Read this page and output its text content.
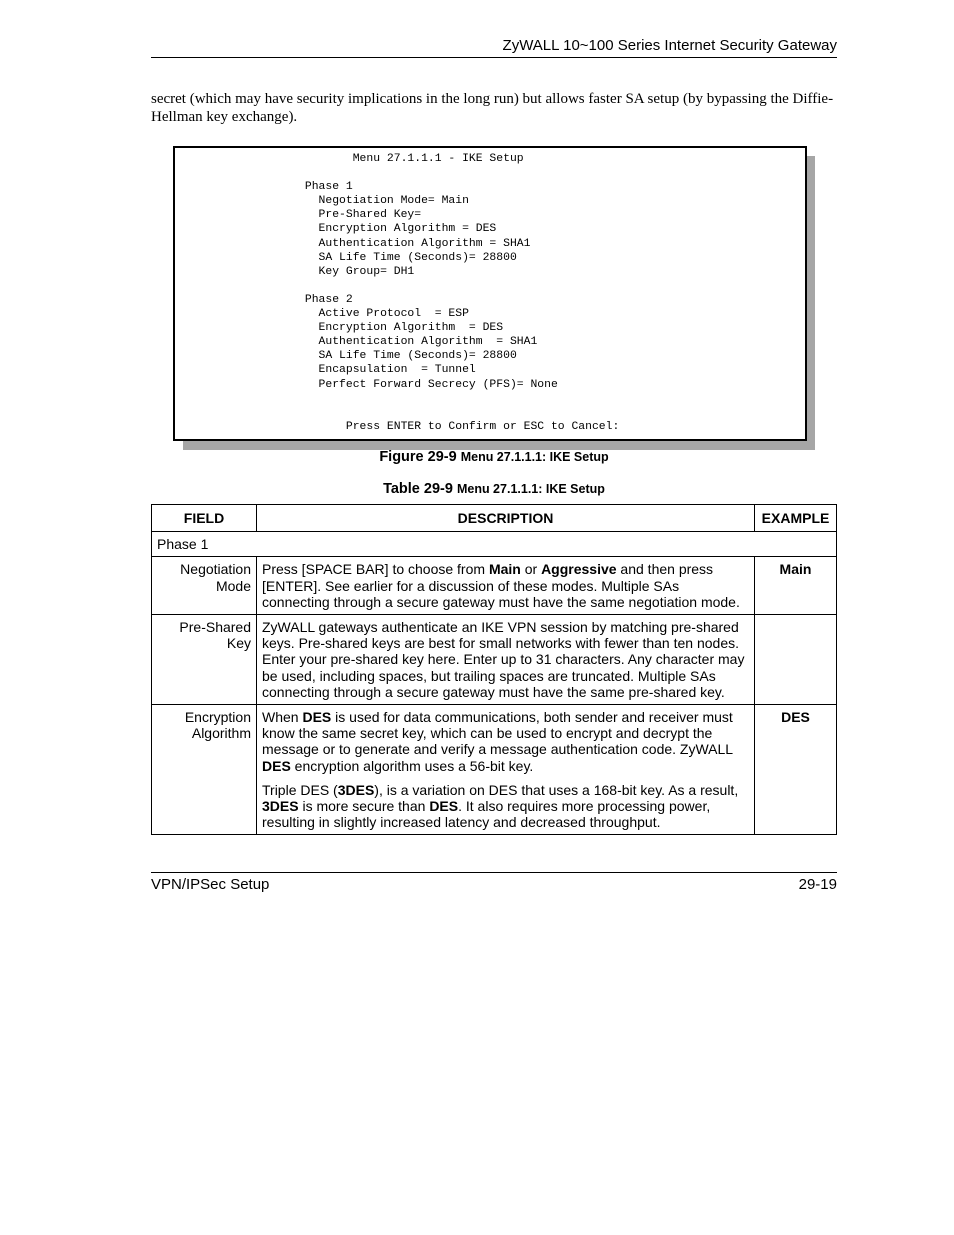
ZyWALL 10~100 Series Internet Security Gateway
secret (which may have security implications in the long run) but allows faster SA setup (by bypassing the Diffie-Hellman key exchange).
Menu 27.1.1.1 - IKE Setup

Phase 1
Negotiation Mode= Main
Pre-Shared Key=
Encryption Algorithm = DES
Authentication Algorithm = SHA1
SA Life Time (Seconds)= 28800
Key Group= DH1

Phase 2
Active Protocol  = ESP
Encryption Algorithm  = DES
Authentication Algorithm  = SHA1
SA Life Time (Seconds)= 28800
Encapsulation  = Tunnel
Perfect Forward Secrecy (PFS)= None

Press ENTER to Confirm or ESC to Cancel:
Figure 29-9 Menu 27.1.1.1: IKE Setup
Table 29-9 Menu 27.1.1.1: IKE Setup
FIELD	DESCRIPTION	EXAMPLE
Phase 1		
Negotiation Mode	Press [SPACE BAR] to choose from Main or Aggressive and then press [ENTER]. See earlier for a discussion of these modes. Multiple SAs connecting through a secure gateway must have the same negotiation mode.	Main
Pre-Shared Key	ZyWALL gateways authenticate an IKE VPN session by matching pre-shared keys. Pre-shared keys are best for small networks with fewer than ten nodes. Enter your pre-shared key here. Enter up to 31 characters. Any character may be used, including spaces, but trailing spaces are truncated. Multiple SAs connecting through a secure gateway must have the same pre-shared key.	

Encryption Algorithm	When DES is used for data communications, both sender and receiver must know the same secret key, which can be used to encrypt and decrypt the message or to generate and verify a message authentication code. ZyWALL DES encryption algorithm uses a 56-bit key.

Triple DES (3DES), is a variation on DES that uses a 168-bit key. As a result, 3DES is more secure than DES. It also requires more processing power, resulting in slightly increased latency and decreased throughput.	DES
VPN/IPSec Setup	29-19
